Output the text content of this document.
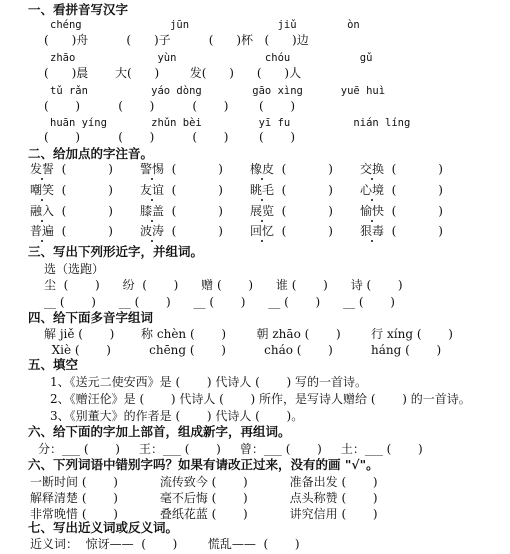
一、看拼音写汉字
chéng              jūn              jiǔ        òn
(      )舟          (      )子          (      )杯   (      )边
zhāo             yùn              chóu           gǔ
(      )晨       大(      )        发(      )      (      )人
tǔ rǎn          yáo dòng        gāo xìng      yuē huì
(       )          (       )          (       )        (       )
huān yíng       zhǔn bèi         yī fu          nián líng
(       )          (       )          (       )        (       )
二、给加点的字注音。
发誓 (	) 警惕 (	) 橡皮 (	) 交换 (	)
嘲笑 (	) 友谊 (	) 眺毛 (	) 心境 (	)
融入 (	) 膝盖 (	) 展览 (	) 愉快 (	)
普遍 (	) 波涛 (	) 回忆 (	) 狠毒 (	)
三、写出下列形近字，并组词。
选（选跑）
尘  (       )      纷  (       )      赠 (       )      谁 (       )      诗 (       )
__ (       )      __ (       )      __ (       )      __ (       )      __ (       )
四、给下面多音字组词
解 jiě (       )       称 chèn (       )        朝 zhāo (       )        行 xíng (       )
Xiè (       )          chēng (       )          cháo (       )          háng (       )
五、填空
1、《送元二使安西》是 (       ) 代诗人 (       ) 写的一首诗。
2、《赠汪伦》是 (       ) 代诗人 (       ) 所作，是写诗人赠给 (       ) 的一首诗。
3、《别董大》的作者是 (       ) 代诗人 (       )。
六、给下面的字加上部首，组成新字，再组词。
分：___ (       )     王：___ (       )     曾：___ (       )     土：___ (       )
六、下列词语中错别字吗？如果有请改正过来，没有的画 "√"。
一断时间 (       )           流传致今 (       )           准备出发 (       )
解释清楚 (       )           毫不后悔 (       )           点头称赞 (       )
非常晚惜 (       )           叠纸花蓝 (       )           讲究信用 (       )
七、写出近义词或反义词。
近义词：  惊讶——  (       )        慌乱——  (       )
